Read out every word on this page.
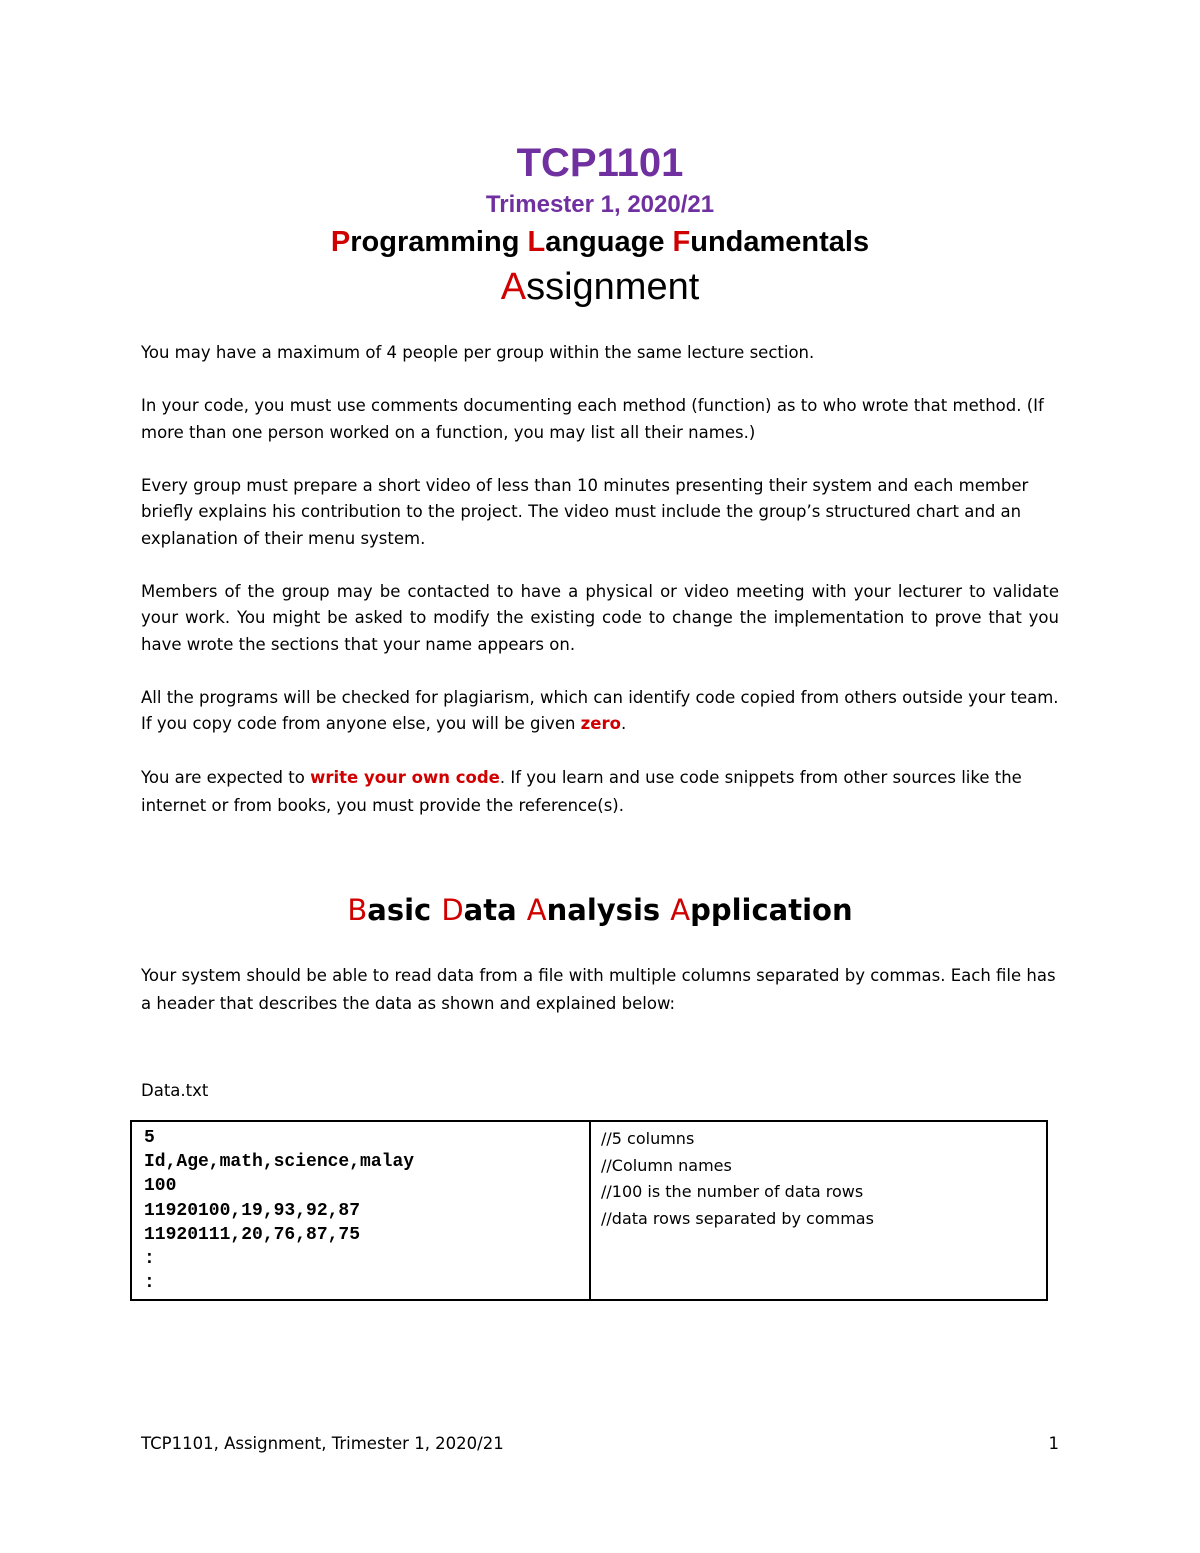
TCP1101
Trimester 1, 2020/21
Programming Language Fundamentals
Assignment

You may have a maximum of 4 people per group within the same lecture section.

In your code, you must use comments documenting each method (function) as to who wrote that method. (If more than one person worked on a function, you may list all their names.)

Every group must prepare a short video of less than 10 minutes presenting their system and each member briefly explains his contribution to the project. The video must include the group’s structured chart and an explanation of their menu system.

Members of the group may be contacted to have a physical or video meeting with your lecturer to validate your work. You might be asked to modify the existing code to change the implementation to prove that you have wrote the sections that your name appears on.

All the programs will be checked for plagiarism, which can identify code copied from others outside your team. If you copy code from anyone else, you will be given zero.

You are expected to write your own code. If you learn and use code snippets from other sources like the internet or from books, you must provide the reference(s).

Basic Data Analysis Application
Your system should be able to read data from a file with multiple columns separated by commas. Each file has a header that describes the data as shown and explained below:
Data.txt
5
Id,Age,math,science,malay
100
11920100,19,93,92,87
11920111,20,76,87,75
:
:

//5 columns
//Column names
//100 is the number of data rows
//data rows separated by commas
TCP1101, Assignment, Trimester 1, 2020/21	1
